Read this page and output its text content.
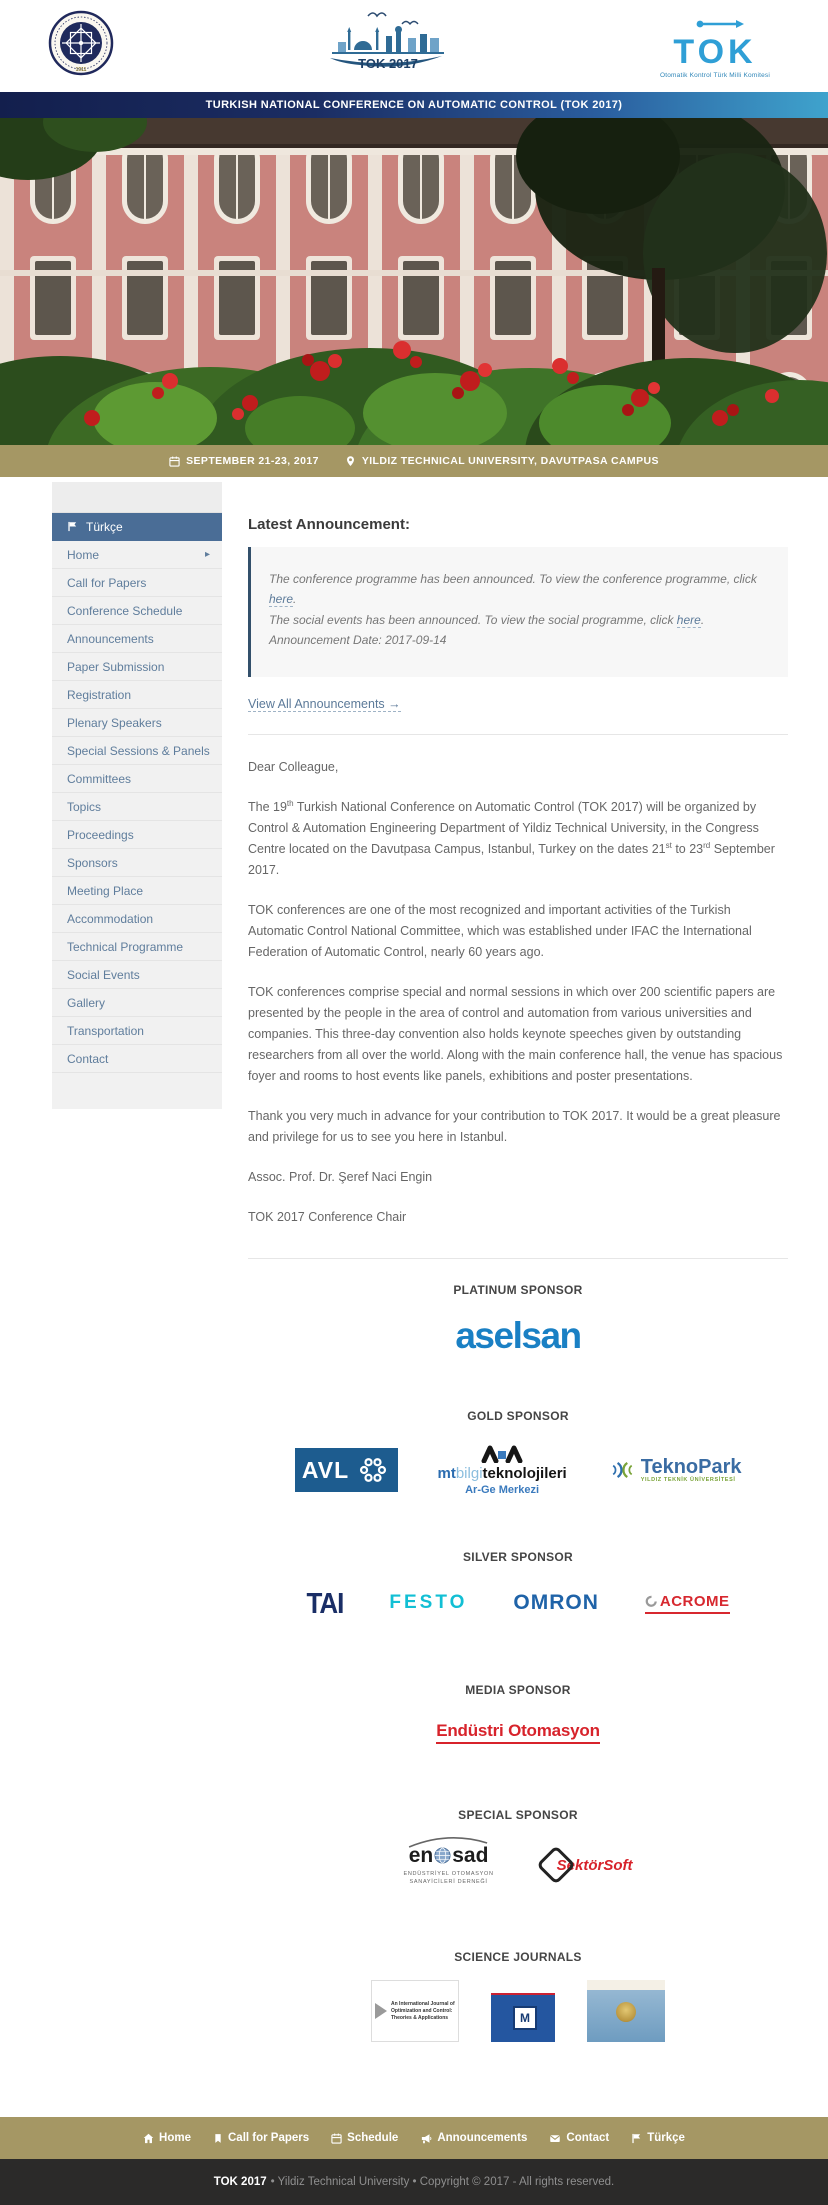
1911	TOK 2017	TOK
Otomatik Kontrol Türk Milli Komitesi
TURKISH NATIONAL CONFERENCE ON AUTOMATIC CONTROL (TOK 2017)
SEPTEMBER 21-23, 2017	YILDIZ TECHNICAL UNIVERSITY, DAVUTPASA CAMPUS
Türkçe
Home
▸
Call for Papers
Conference Schedule
Announcements
Paper Submission
Registration
Plenary Speakers
Special Sessions & Panels
Committees
Topics
Proceedings
Sponsors
Meeting Place
Accommodation
Technical Programme
Social Events
Gallery
Transportation
Contact
Latest Announcement:

The conference programme has been announced. To view the conference programme, click here.

The social events has been announced. To view the social programme, click here.

Announcement Date: 2017-09-14

View All Announcements →

Dear Colleague,

The 19th Turkish National Conference on Automatic Control (TOK 2017) will be organized by Control & Automation Engineering Department of Yildiz Technical University, in the Congress Centre located on the Davutpasa Campus, Istanbul, Turkey on the dates 21st to 23rd September 2017.

TOK conferences are one of the most recognized and important activities of the Turkish Automatic Control National Committee, which was established under IFAC the International Federation of Automatic Control, nearly 60 years ago.

TOK conferences comprise special and normal sessions in which over 200 scientific papers are presented by the people in the area of control and automation from various universities and companies. This three-day convention also holds keynote speeches given by outstanding researchers from all over the world. Along with the main conference hall, the venue has spacious foyer and rooms to host events like panels, exhibitions and poster presentations.

Thank you very much in advance for your contribution to TOK 2017. It would be a great pleasure and privilege for us to see you here in Istanbul.

Assoc. Prof. Dr. Şeref Naci Engin

TOK 2017 Conference Chair

PLATINUM SPONSOR
aselsan
GOLD SPONSOR
AVL	mtbilgiteknolojileri
Ar-Ge Merkezi
TeknoPark
YILDIZ TEKNİK ÜNİVERSİTESİ
SILVER SPONSOR
TAI FESTO OMRON	ACROME
MEDIA SPONSOR
Endüstri Otomasyon
SPECIAL SPONSOR
en sad
ENDÜSTRİYEL OTOMASYON
SANAYİCİLERİ DERNEĞİ
SektörSoft
SCIENCE JOURNALS
An International Journal of Optimization and Control: Theories & Applications	M
Home	Call for Papers	Schedule	Announcements	Contact	Türkçe
TOK 2017 • Yildiz Technical University • Copyright © 2017 - All rights reserved.
